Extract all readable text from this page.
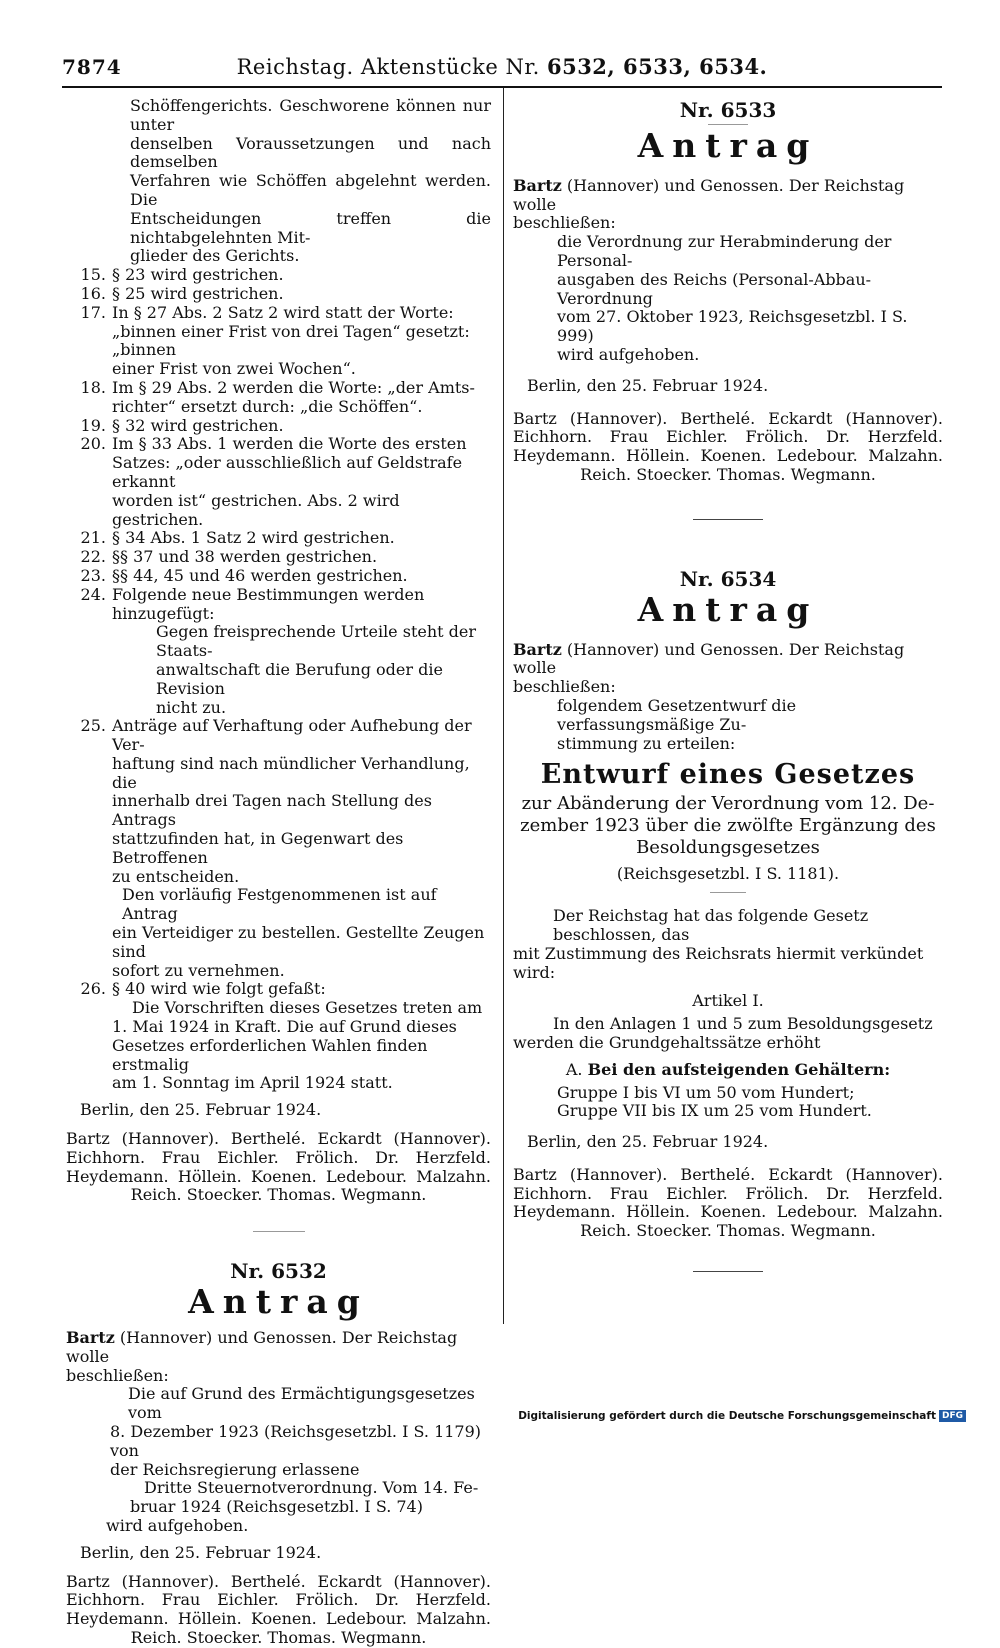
7874	Reichstag. Aktenstücke Nr. 6532, 6533, 6534.

Schöffengerichts. Geschworene können nur unter

denselben Voraussetzungen und nach demselben

Verfahren wie Schöffen abgelehnt werden. Die

Entscheidungen treffen die nichtabgelehnten Mit-

glieder des Gerichts.

15. § 23 wird gestrichen.

16. § 25 wird gestrichen.

17. In § 27 Abs. 2 Satz 2 wird statt der Worte:

„binnen einer Frist von drei Tagen“ gesetzt: „binnen

einer Frist von zwei Wochen“.

18. Im § 29 Abs. 2 werden die Worte: „der Amts-

richter“ ersetzt durch: „die Schöffen“.

19. § 32 wird gestrichen.

20. Im § 33 Abs. 1 werden die Worte des ersten

Satzes: „oder ausschließlich auf Geldstrafe erkannt

worden ist“ gestrichen. Abs. 2 wird gestrichen.

21. § 34 Abs. 1 Satz 2 wird gestrichen.

22. §§ 37 und 38 werden gestrichen.

23. §§ 44, 45 und 46 werden gestrichen.

24. Folgende neue Bestimmungen werden hinzugefügt:

Gegen freisprechende Urteile steht der Staats-

anwaltschaft die Berufung oder die Revision

nicht zu.

25. Anträge auf Verhaftung oder Aufhebung der Ver-

haftung sind nach mündlicher Verhandlung, die

innerhalb drei Tagen nach Stellung des Antrags

stattzufinden hat, in Gegenwart des Betroffenen

zu entscheiden.

Den vorläufig Festgenommenen ist auf Antrag

ein Verteidiger zu bestellen. Gestellte Zeugen sind

sofort zu vernehmen.

26. § 40 wird wie folgt gefaßt:

Die Vorschriften dieses Gesetzes treten am

1. Mai 1924 in Kraft. Die auf Grund dieses

Gesetzes erforderlichen Wahlen finden erstmalig

am 1. Sonntag im April 1924 statt.

Berlin, den 25. Februar 1924.

Bartz (Hannover). Berthelé. Eckardt (Hannover).

Eichhorn. Frau Eichler. Frölich. Dr. Herzfeld.

Heydemann. Höllein. Koenen. Ledebour. Malzahn.

Reich. Stoecker. Thomas. Wegmann.

Nr. 6532

Antrag

Bartz (Hannover) und Genossen. Der Reichstag wolle

beschließen:

Die auf Grund des Ermächtigungsgesetzes vom

8. Dezember 1923 (Reichsgesetzbl. I S. 1179) von

der Reichsregierung erlassene

Dritte Steuernotverordnung. Vom 14. Fe-

bruar 1924 (Reichsgesetzbl. I S. 74)

wird aufgehoben.

Berlin, den 25. Februar 1924.

Bartz (Hannover). Berthelé. Eckardt (Hannover).

Eichhorn. Frau Eichler. Frölich. Dr. Herzfeld.

Heydemann. Höllein. Koenen. Ledebour. Malzahn.

Reich. Stoecker. Thomas. Wegmann.

Nr. 6533

Antrag

Bartz (Hannover) und Genossen. Der Reichstag wolle

beschließen:

die Verordnung zur Herabminderung der Personal-

ausgaben des Reichs (Personal-Abbau-Verordnung

vom 27. Oktober 1923, Reichsgesetzbl. I S. 999)

wird aufgehoben.

Berlin, den 25. Februar 1924.

Bartz (Hannover). Berthelé. Eckardt (Hannover).

Eichhorn. Frau Eichler. Frölich. Dr. Herzfeld.

Heydemann. Höllein. Koenen. Ledebour. Malzahn.

Reich. Stoecker. Thomas. Wegmann.

Nr. 6534

Antrag

Bartz (Hannover) und Genossen. Der Reichstag wolle

beschließen:

folgendem Gesetzentwurf die verfassungsmäßige Zu-

stimmung zu erteilen:

Entwurf eines Gesetzes

zur Abänderung der Verordnung vom 12. De-

zember 1923 über die zwölfte Ergänzung des

Besoldungsgesetzes

(Reichsgesetzbl. I S. 1181).

Der Reichstag hat das folgende Gesetz beschlossen, das

mit Zustimmung des Reichsrats hiermit verkündet wird:

Artikel I.

In den Anlagen 1 und 5 zum Besoldungsgesetz

werden die Grundgehaltssätze erhöht

A. Bei den aufsteigenden Gehältern:

Gruppe I bis VI um 50 vom Hundert;

Gruppe VII bis IX um 25 vom Hundert.

Berlin, den 25. Februar 1924.

Bartz (Hannover). Berthelé. Eckardt (Hannover).

Eichhorn. Frau Eichler. Frölich. Dr. Herzfeld.

Heydemann. Höllein. Koenen. Ledebour. Malzahn.

Reich. Stoecker. Thomas. Wegmann.

Digitalisierung gefördert durch die Deutsche Forschungsgemeinschaft DFG
